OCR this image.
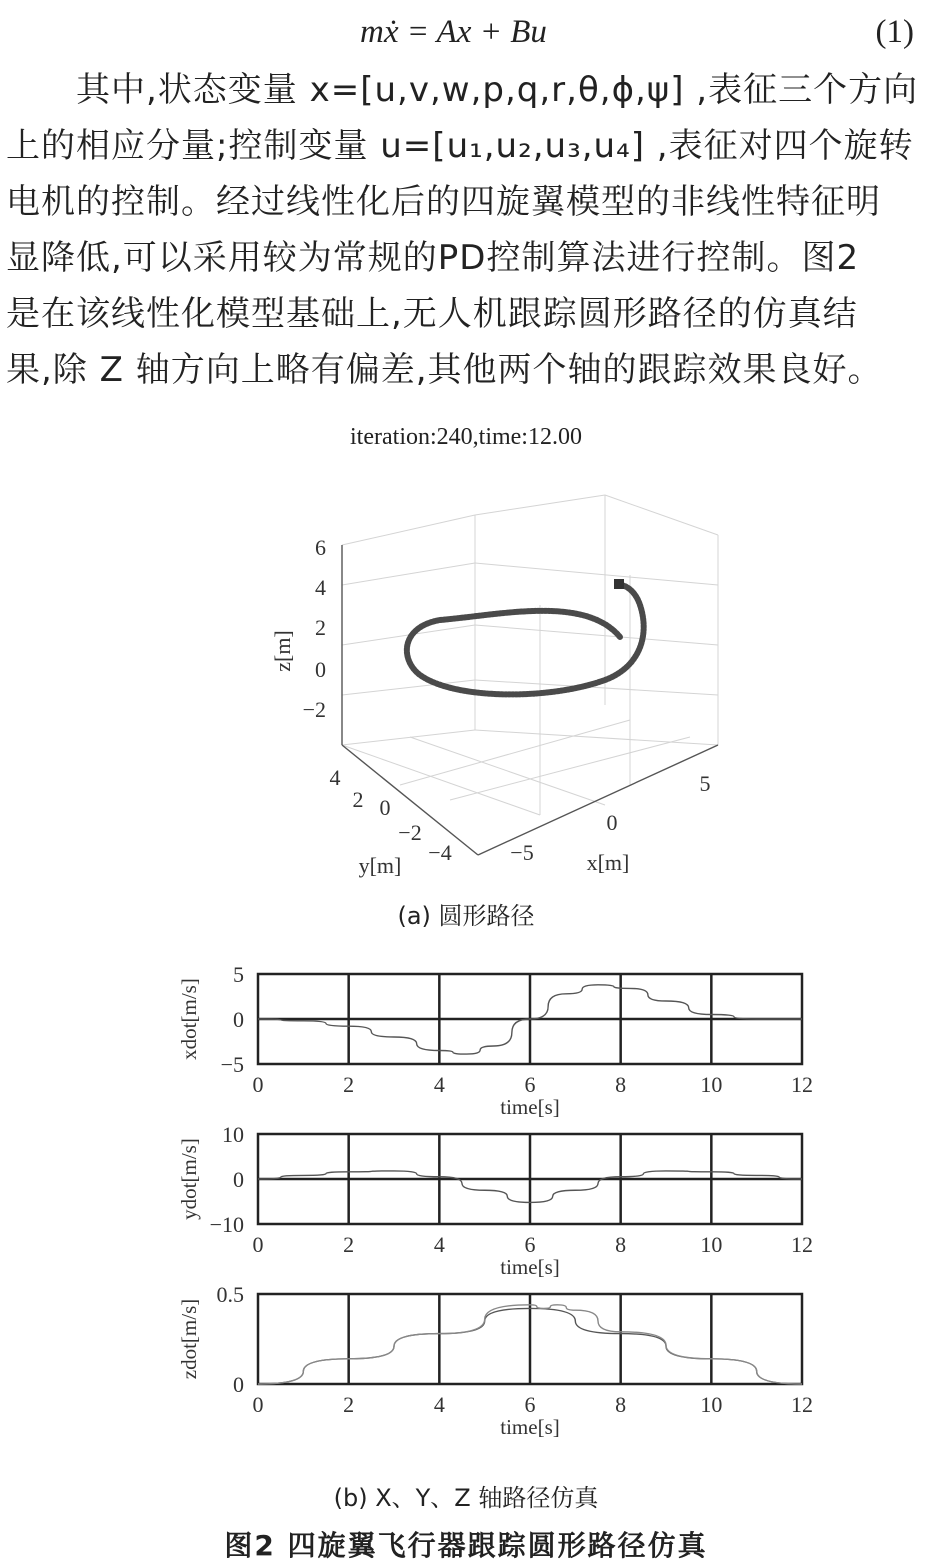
mẋ = Ax + Bu	(1)
其中,状态变量 x=[u,v,w,p,q,r,θ,ϕ,ψ] ,表征三个方向
上的相应分量;控制变量 u=[u₁,u₂,u₃,u₄] ,表征对四个旋转
电机的控制。经过线性化后的四旋翼模型的非线性特征明
显降低,可以采用较为常规的PD控制算法进行控制。图2
是在该线性化模型基础上,无人机跟踪圆形路径的仿真结
果,除 Z 轴方向上略有偏差,其他两个轴的跟踪效果良好。
iteration:240,time:12.00
6
4
2
0
−2
z[m]
4
2 0
−2
−4
y[m]
−5
0
5
x[m]
(a) 圆形路径
0	2	4	6	8	10	12
5
0
−5
time[s]
xdot[m/s]
0	2	4	6	8	10	12
10
0
−10
time[s]
ydot[m/s]
0	2	4	6	8	10	12
0.5
0
time[s]
zdot[m/s]
(b) X、Y、Z 轴路径仿真
图2 四旋翼飞行器跟踪圆形路径仿真
